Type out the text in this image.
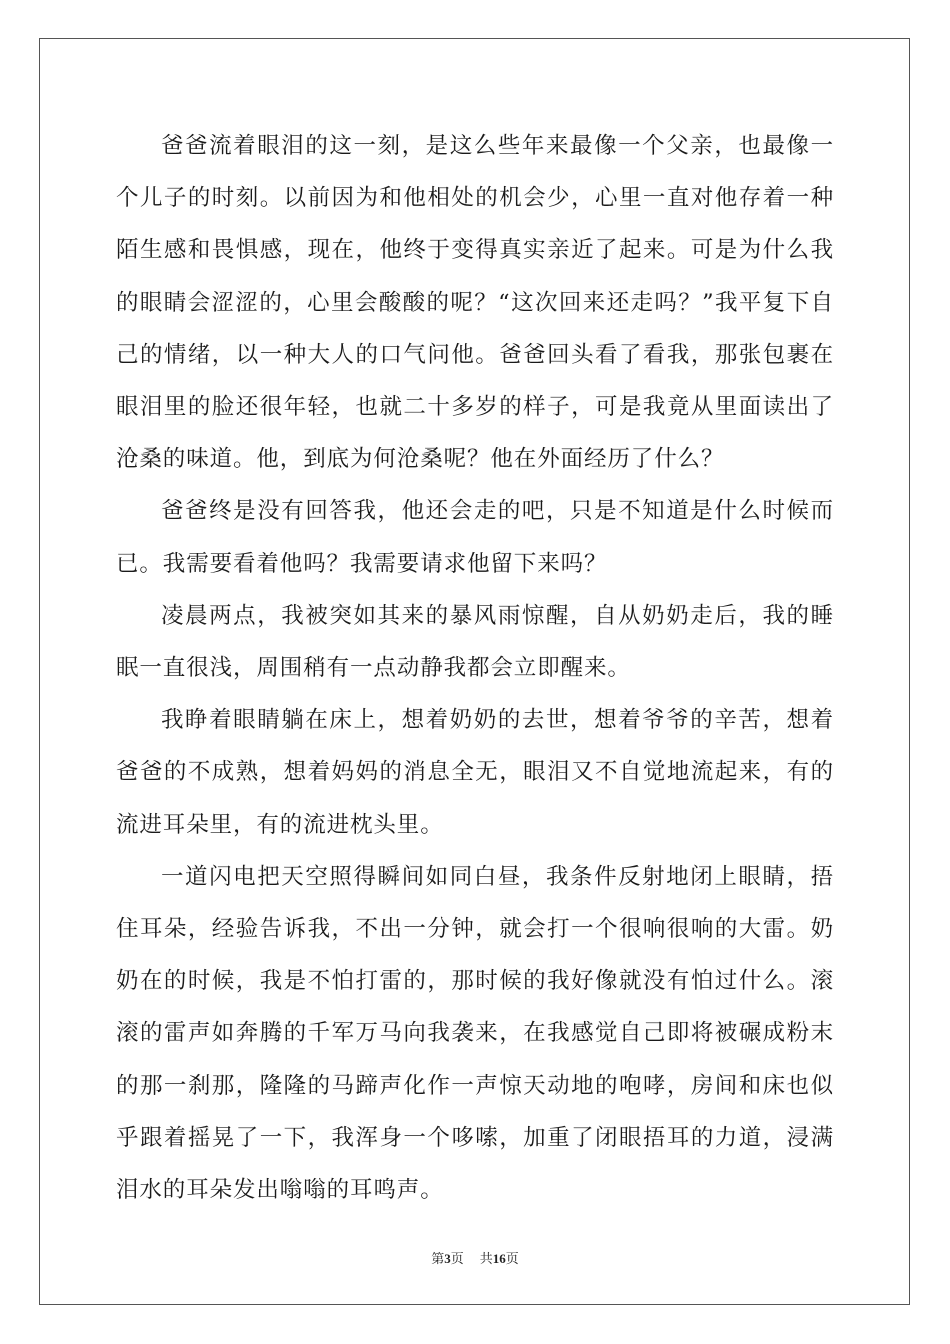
爸爸流着眼泪的这一刻，是这么些年来最像一个父亲，也最像一个儿子的时刻。以前因为和他相处的机会少，心里一直对他存着一种陌生感和畏惧感，现在，他终于变得真实亲近了起来。可是为什么我的眼睛会涩涩的，心里会酸酸的呢？“这次回来还走吗？”我平复下自己的情绪，以一种大人的口气问他。爸爸回头看了看我，那张包裹在眼泪里的脸还很年轻，也就二十多岁的样子，可是我竟从里面读出了沧桑的味道。他，到底为何沧桑呢？他在外面经历了什么？

爸爸终是没有回答我，他还会走的吧，只是不知道是什么时候而已。我需要看着他吗？我需要请求他留下来吗？

凌晨两点，我被突如其来的暴风雨惊醒，自从奶奶走后，我的睡眠一直很浅，周围稍有一点动静我都会立即醒来。

我睁着眼睛躺在床上，想着奶奶的去世，想着爷爷的辛苦，想着爸爸的不成熟，想着妈妈的消息全无，眼泪又不自觉地流起来，有的流进耳朵里，有的流进枕头里。

一道闪电把天空照得瞬间如同白昼，我条件反射地闭上眼睛，捂住耳朵，经验告诉我，不出一分钟，就会打一个很响很响的大雷。奶奶在的时候，我是不怕打雷的，那时候的我好像就没有怕过什么。滚滚的雷声如奔腾的千军万马向我袭来，在我感觉自己即将被碾成粉末的那一刹那，隆隆的马蹄声化作一声惊天动地的咆哮，房间和床也似乎跟着摇晃了一下，我浑身一个哆嗦，加重了闭眼捂耳的力道，浸满泪水的耳朵发出嗡嗡的耳鸣声。

第3页 共16页
